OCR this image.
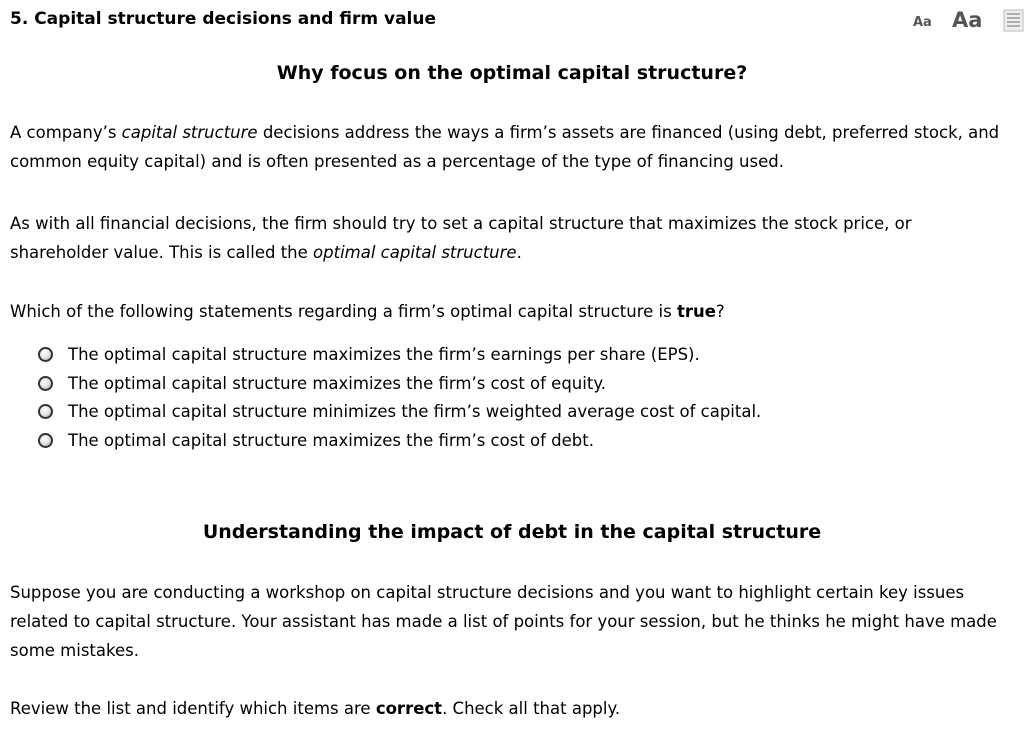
5. Capital structure decisions and firm value	Aa Aa
Why focus on the optimal capital structure?
A company’s capital structure decisions address the ways a firm’s assets are financed (using debt, preferred stock, and common equity capital) and is often presented as a percentage of the type of financing used.
As with all financial decisions, the firm should try to set a capital structure that maximizes the stock price, or shareholder value. This is called the optimal capital structure.
Which of the following statements regarding a firm’s optimal capital structure is true?
The optimal capital structure maximizes the firm’s earnings per share (EPS).
The optimal capital structure maximizes the firm’s cost of equity.
The optimal capital structure minimizes the firm’s weighted average cost of capital.
The optimal capital structure maximizes the firm’s cost of debt.
Understanding the impact of debt in the capital structure
Suppose you are conducting a workshop on capital structure decisions and you want to highlight certain key issues related to capital structure. Your assistant has made a list of points for your session, but he thinks he might have made some mistakes.
Review the list and identify which items are correct. Check all that apply.
